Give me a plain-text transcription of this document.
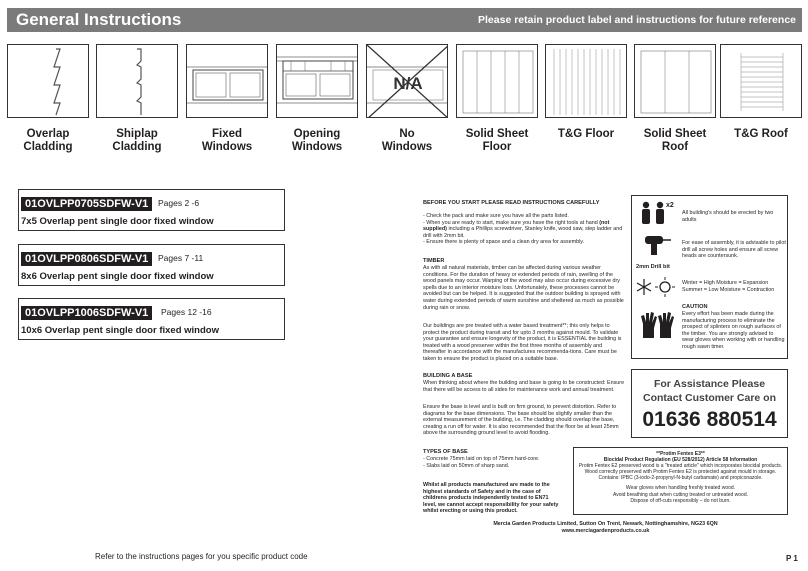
General Instructions	Please retain product label and instructions for future reference
N/A
Overlap
Cladding
Shiplap
Cladding
Fixed
Windows
Opening
Windows
No
Windows
Solid Sheet
Floor
T&G Floor	Solid Sheet
Roof
T&G Roof
01OVLPP0705SDFW-V1	Pages 2 -6
7x5 Overlap pent single door fixed window
01OVLPP0806SDFW-V1	Pages 7 -11
8x6 Overlap pent single door fixed window
01OVLPP1006SDFW-V1	Pages 12 -16
10x6 Overlap pent single door fixed window
BEFORE YOU START PLEASE READ INSTRUCTIONS CAREFULLY
- Check the pack and make sure you have all the parts listed.
- When you are ready to start, make sure you have the right tools at hand (not supplied) including a Phillips screwdriver, Stanley knife, wood saw, step ladder and drill with 2mm bit.
- Ensure there is plenty of space and a clean dry area for assembly.
TIMBER
As with all natural materials, timber can be affected during various weather conditions. For the duration of heavy or extended periods of rain, swelling of the wood panels may occur. Warping of the wood may also occur during excessive dry spells due to an interior moisture loss. Unfortunately, these processes cannot be avoided but can be helped. It is suggested that the outdoor building is sprayed with water during extended periods of warm sunshine and sheltered as much as possible during rain or snow.
Our buildings are pre treated with a water based treatment**; this only helps to protect the product during transit and for upto 3 months against mould. To validate your guarantee and ensure longevity of the product, it is ESSENTIAL the building is treated with a wood preserver within the first three months of assembly and thereafter in accordance with the manufactures recommenda-tions. Care must be taken to ensure the product is placed on a suitable base.
BUILDING A BASE
When thinking about where the building and base is going to be constructed: Ensure that there will be access to all sides for maintenance work and annual treatment.
Ensure the base is level and is built on firm ground, to prevent distortion. Refer to diagrams for the base dimensions. The base should be slightly smaller than the external measurement of the building, i.e. The cladding should overlap the base, creating a run off for water. It is also recommended that the floor be at least 25mm above the surrounding ground level to avoid flooding.
TYPES OF BASE
- Concrete 75mm laid on top of 75mm hard-core.
- Slabs laid on 50mm of sharp sand.
Whilst all products manufactured are made to the highest standards of Safety and in the case of childrens products independently tested to EN71 level, we cannot accept responsibility for your safety whilst erecting or using this product.
x2
All building's should be erected by two adults
2mm Drill bit
For ease of assembly, it is advisable to pilot drill all screw holes and ensure all screw heads are countersunk.
Winter = High Moisture = Expansion
Summer = Low Moisture = Contraction
CAUTION
Every effort has been made during the manufacturing process to eliminate the prospect of splinters on rough surfaces of the timber. You are strongly advised to wear gloves when working with or handling rough sawn timer.
For Assistance Please
Contact Customer Care on
01636 880514
**Protim Fentex E3**
Biocidal Product Regulation (EU 528/2012) Article 58 Information
Protim Fentex E2 preserved wood is a "treated article" which incorporates biocidal products.
Wood correctly preserved with Protim Fentex E2 is protected against mould in storage.
Contains: IPBC (3-iodo-2-propynyl-N-butyl carbamate) and propiconazole.
Wear gloves when handling freshly treated wood.
Avoid breathing dust when cutting treated or untreated wood.
Dispose of off-cuts responsibly – do not burn.
Mercia Garden Products Limited, Sutton On Trent, Newark, Nottinghamshire, NG23 6QN
www.merciagardenproducts.co.uk
Refer to the instructions pages for you specific product code	P 1
